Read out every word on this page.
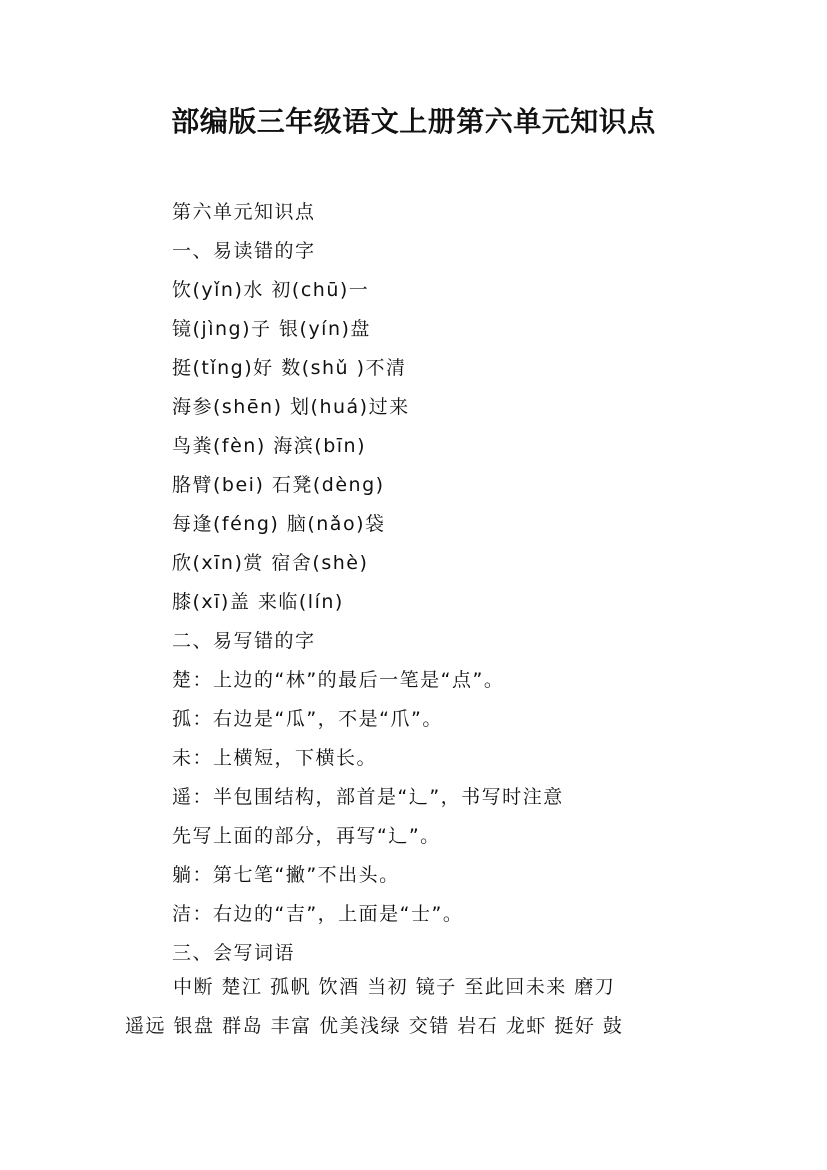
部编版三年级语文上册第六单元知识点
第六单元知识点
一、易读错的字
饮(yǐn)水 初(chū)一
镜(jìng)子 银(yín)盘
挺(tǐng)好 数(shǔ )不清
海参(shēn) 划(huá)过来
鸟粪(fèn) 海滨(bīn)
胳臂(bei) 石凳(dèng)
每逢(féng) 脑(nǎo)袋
欣(xīn)赏 宿舍(shè)
膝(xī)盖 来临(lín)
二、易写错的字
楚：上边的“林”的最后一笔是“点”。
孤：右边是“瓜”，不是“爪”。
未：上横短，下横长。
遥：半包围结构，部首是“辶”，书写时注意
先写上面的部分，再写“辶”。
躺：第七笔“撇”不出头。
洁：右边的“吉”，上面是“士”。
三、会写词语
中断 楚江 孤帆 饮酒 当初 镜子 至此回未来 磨刀
遥远 银盘 群岛 丰富 优美浅绿 交错 岩石 龙虾 挺好 鼓
